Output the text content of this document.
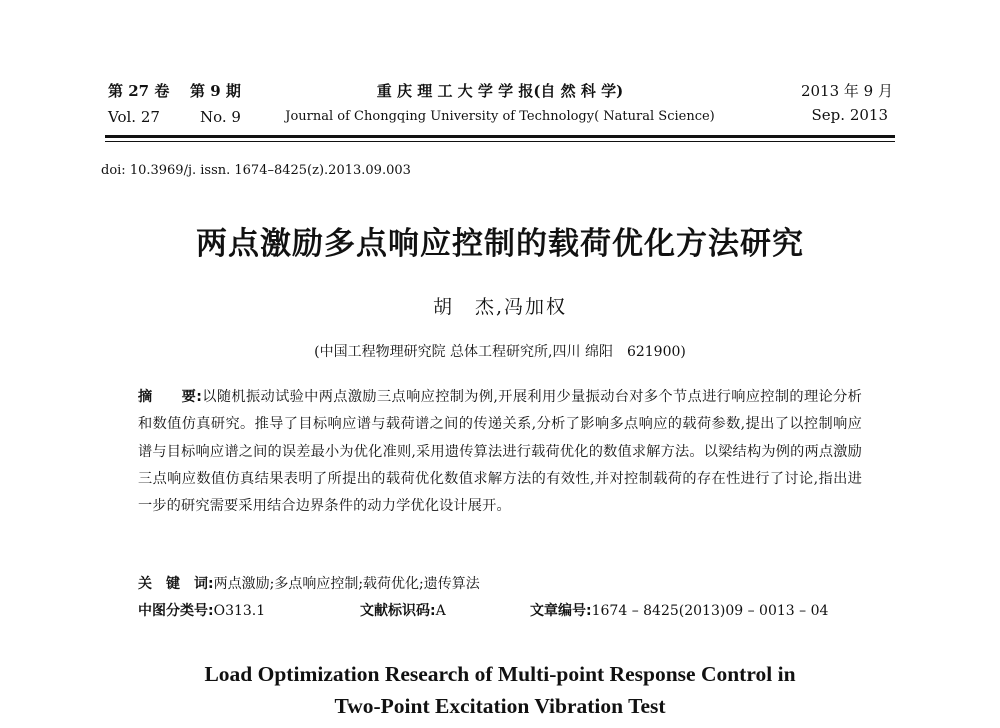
第 27 卷 第 9 期	重 庆 理 工 大 学 学 报(自 然 科 学)	2013 年 9 月
Vol. 27	No. 9	Journal of Chongqing University of Technology( Natural Science)	Sep. 2013
doi: 10.3969/j. issn. 1674–8425(z).2013.09.003
两点激励多点响应控制的载荷优化方法研究
胡　杰,冯加权
(中国工程物理研究院 总体工程研究所,四川 绵阳　621900)
摘　　要:以随机振动试验中两点激励三点响应控制为例,开展利用少量振动台对多个节点进行响应控制的理论分析和数值仿真研究。推导了目标响应谱与载荷谱之间的传递关系,分析了影响多点响应的载荷参数,提出了以控制响应谱与目标响应谱之间的误差最小为优化准则,采用遗传算法进行载荷优化的数值求解方法。以梁结构为例的两点激励三点响应数值仿真结果表明了所提出的载荷优化数值求解方法的有效性,并对控制载荷的存在性进行了讨论,指出进一步的研究需要采用结合边界条件的动力学优化设计展开。
关　键　词:两点激励;多点响应控制;载荷优化;遗传算法
中图分类号:O313.1	文献标识码:A	文章编号:1674 – 8425(2013)09 – 0013 – 04
Load Optimization Research of Multi-point Response Control in
Two-Point Excitation Vibration Test
